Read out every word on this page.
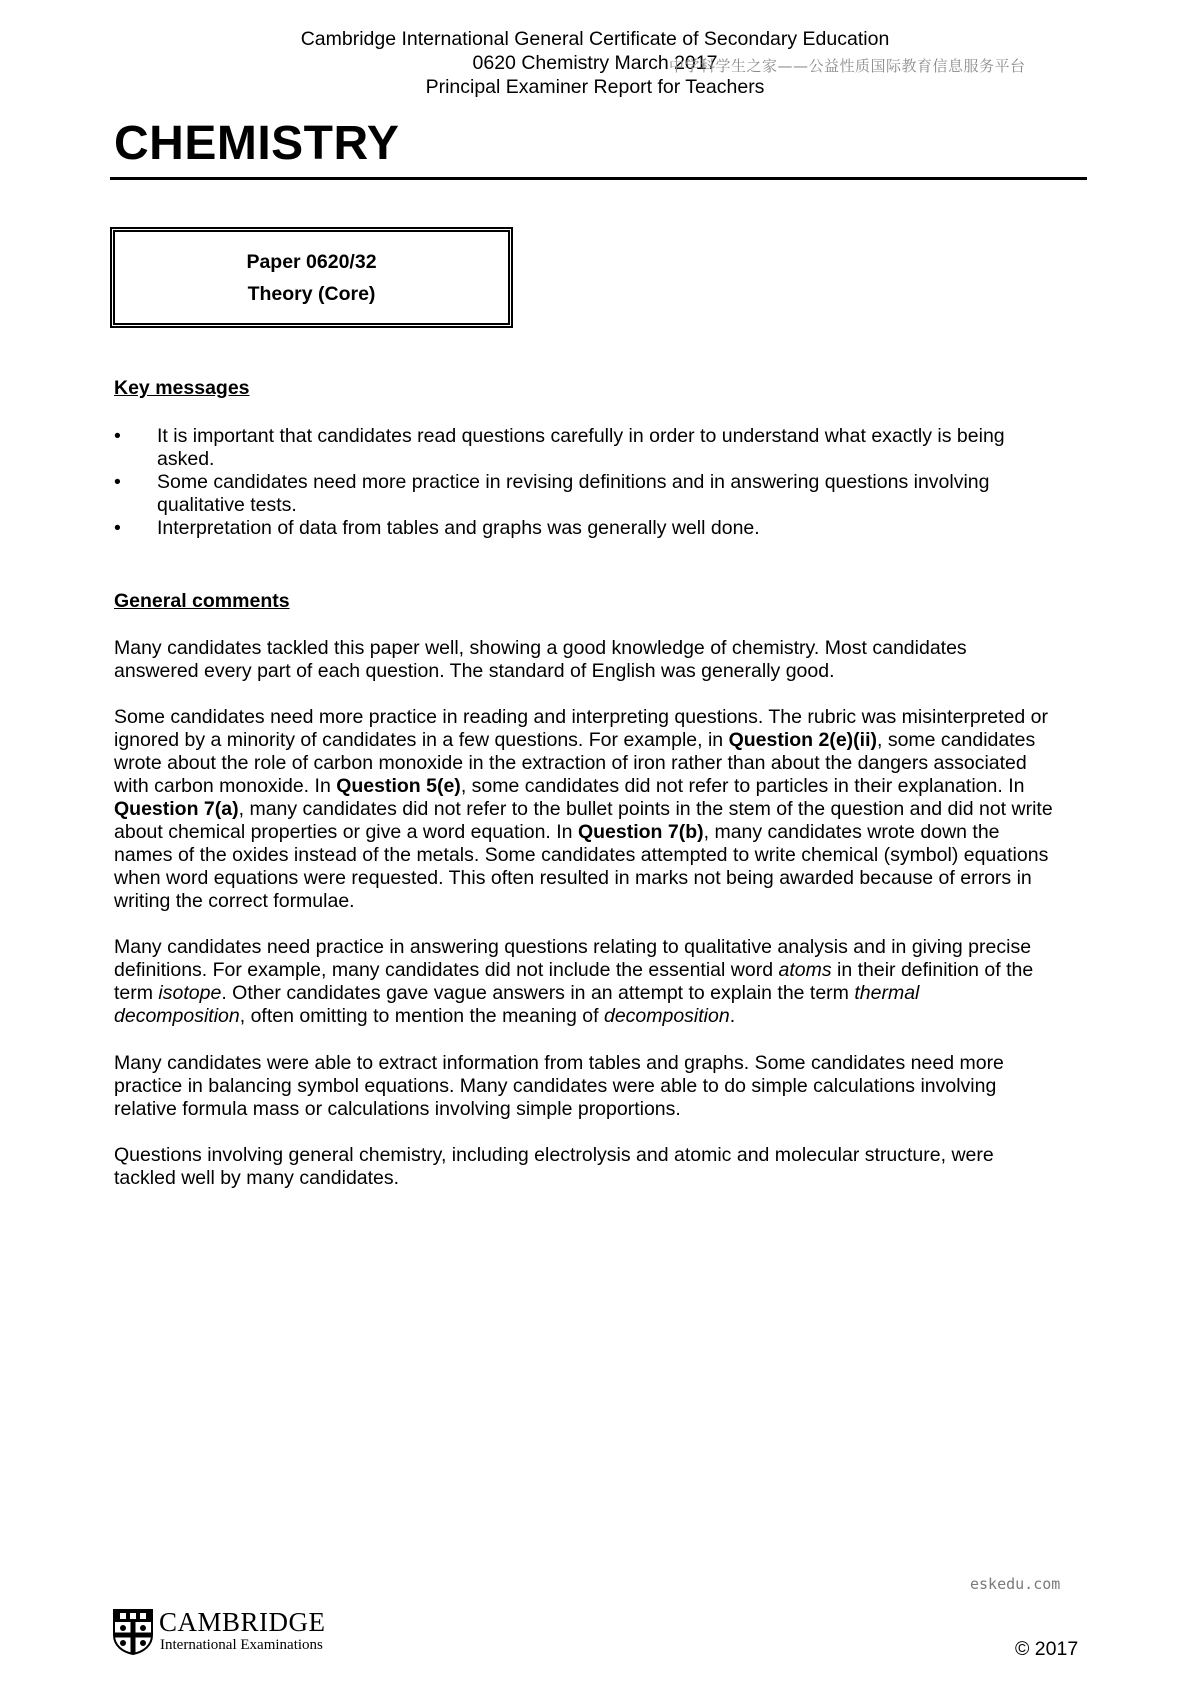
Cambridge International General Certificate of Secondary Education
0620 Chemistry March 2017
Principal Examiner Report for Teachers
中学科学生之家——公益性质国际教育信息服务平台
CHEMISTRY
Paper 0620/32
Theory (Core)
Key messages
• It is important that candidates read questions carefully in order to understand what exactly is being
asked.
• Some candidates need more practice in revising definitions and in answering questions involving
qualitative tests.
• Interpretation of data from tables and graphs was generally well done.
General comments

Many candidates tackled this paper well, showing a good knowledge of chemistry. Most candidates
answered every part of each question. The standard of English was generally good.

Some candidates need more practice in reading and interpreting questions. The rubric was misinterpreted or
ignored by a minority of candidates in a few questions. For example, in Question 2(e)(ii), some candidates
wrote about the role of carbon monoxide in the extraction of iron rather than about the dangers associated
with carbon monoxide. In Question 5(e), some candidates did not refer to particles in their explanation. In
Question 7(a), many candidates did not refer to the bullet points in the stem of the question and did not write
about chemical properties or give a word equation. In Question 7(b), many candidates wrote down the
names of the oxides instead of the metals. Some candidates attempted to write chemical (symbol) equations
when word equations were requested. This often resulted in marks not being awarded because of errors in
writing the correct formulae.

Many candidates need practice in answering questions relating to qualitative analysis and in giving precise
definitions. For example, many candidates did not include the essential word atoms in their definition of the
term isotope. Other candidates gave vague answers in an attempt to explain the term thermal
decomposition, often omitting to mention the meaning of decomposition.

Many candidates were able to extract information from tables and graphs. Some candidates need more
practice in balancing symbol equations. Many candidates were able to do simple calculations involving
relative formula mass or calculations involving simple proportions.

Questions involving general chemistry, including electrolysis and atomic and molecular structure, were
tackled well by many candidates.

eskedu.com
CAMBRIDGE
International Examinations	© 2017
